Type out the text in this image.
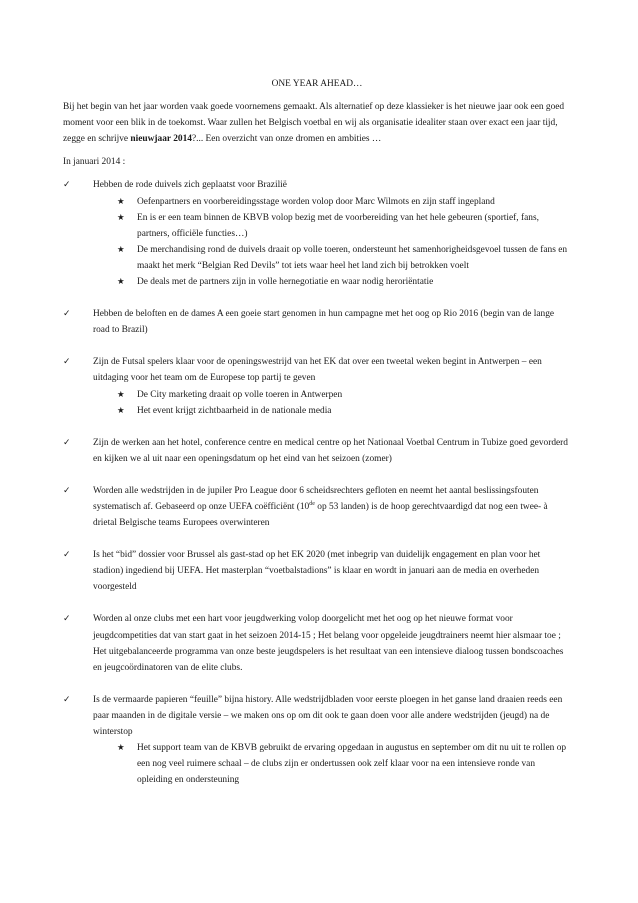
ONE YEAR AHEAD…

Bij het begin van het jaar worden vaak goede voornemens gemaakt. Als alternatief op deze klassieker is het nieuwe jaar ook een goed moment voor een blik in de toekomst. Waar zullen het Belgisch voetbal en wij als organisatie idealiter staan over exact een jaar tijd, zegge en schrijve nieuwjaar 2014?... Een overzicht van onze dromen en ambities …

In januari 2014 :

✓ Hebben de rode duivels zich geplaatst voor Brazilië
★ Oefenpartners en voorbereidingsstage worden volop door Marc Wilmots en zijn staff ingepland
★ En is er een team binnen de KBVB volop bezig met de voorbereiding van het hele gebeuren (sportief, fans, partners, officiële functies…)
★ De merchandising rond de duivels draait op volle toeren, ondersteunt het samenhorigheidsgevoel tussen de fans en maakt het merk “Belgian Red Devils” tot iets waar heel het land zich bij betrokken voelt
★ De deals met de partners zijn in volle hernegotiatie en waar nodig heroriëntatie
✓ Hebben de beloften en de dames A een goeie start genomen in hun campagne met het oog op Rio 2016 (begin van de lange road to Brazil)
✓ Zijn de Futsal spelers klaar voor de openingswestrijd van het EK dat over een tweetal weken begint in Antwerpen – een uitdaging voor het team om de Europese top partij te geven
★ De City marketing draait op volle toeren in Antwerpen
★ Het event krijgt zichtbaarheid in de nationale media
✓ Zijn de werken aan het hotel, conference centre en medical centre op het Nationaal Voetbal Centrum in Tubize goed gevorderd en kijken we al uit naar een openingsdatum op het eind van het seizoen (zomer)
✓ Worden alle wedstrijden in de jupiler Pro League door 6 scheidsrechters gefloten en neemt het aantal beslissingsfouten systematisch af. Gebaseerd op onze UEFA coëfficiënt (10de op 53 landen) is de hoop gerechtvaardigd dat nog een twee- à drietal Belgische teams Europees overwinteren
✓ Is het “bid” dossier voor Brussel als gast-stad op het EK 2020 (met inbegrip van duidelijk engagement en plan voor het stadion) ingediend bij UEFA. Het masterplan “voetbalstadions” is klaar en wordt in januari aan de media en overheden voorgesteld
✓ Worden al onze clubs met een hart voor jeugdwerking volop doorgelicht met het oog op het nieuwe format voor jeugdcompetities dat van start gaat in het seizoen 2014-15 ; Het belang voor opgeleide jeugdtrainers neemt hier alsmaar toe ; Het uitgebalanceerde programma van onze beste jeugdspelers is het resultaat van een intensieve dialoog tussen bondscoaches en jeugcoördinatoren van de elite clubs.
✓ Is de vermaarde papieren “feuille” bijna history. Alle wedstrijdbladen voor eerste ploegen in het ganse land draaien reeds een paar maanden in de digitale versie – we maken ons op om dit ook te gaan doen voor alle andere wedstrijden (jeugd) na de winterstop
★ Het support team van de KBVB gebruikt de ervaring opgedaan in augustus en september om dit nu uit te rollen op een nog veel ruimere schaal – de clubs zijn er ondertussen ook zelf klaar voor na een intensieve ronde van opleiding en ondersteuning
